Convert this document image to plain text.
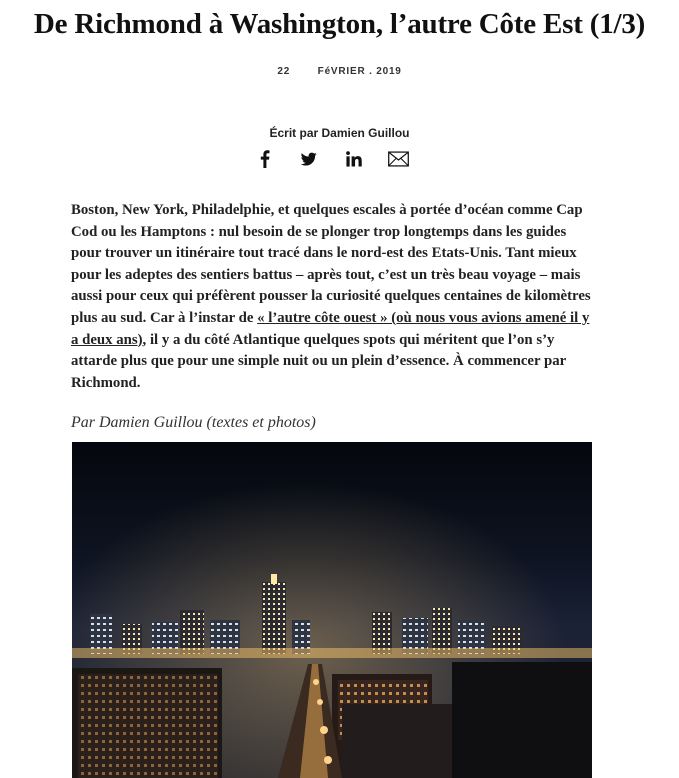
De Richmond à Washington, l’autre Côte Est (1/3)
22	FéVRIER . 2019
Écrit par Damien Guillou

Boston, New York, Philadelphie, et quelques escales à portée d’océan comme Cap Cod ou les Hamptons : nul besoin de se plonger trop longtemps dans les guides pour trouver un itinéraire tout tracé dans le nord-est des Etats-Unis. Tant mieux pour les adeptes des sentiers battus – après tout, c’est un très beau voyage – mais aussi pour ceux qui préfèrent pousser la curiosité quelques centaines de kilomètres plus au sud. Car à l’instar de « l’autre côte ouest » (où nous vous avions amené il y a deux ans), il y a du côté Atlantique quelques spots qui méritent que l’on s’y attarde plus que pour une simple nuit ou un plein d’essence. À commencer par Richmond.

Par Damien Guillou (textes et photos)
